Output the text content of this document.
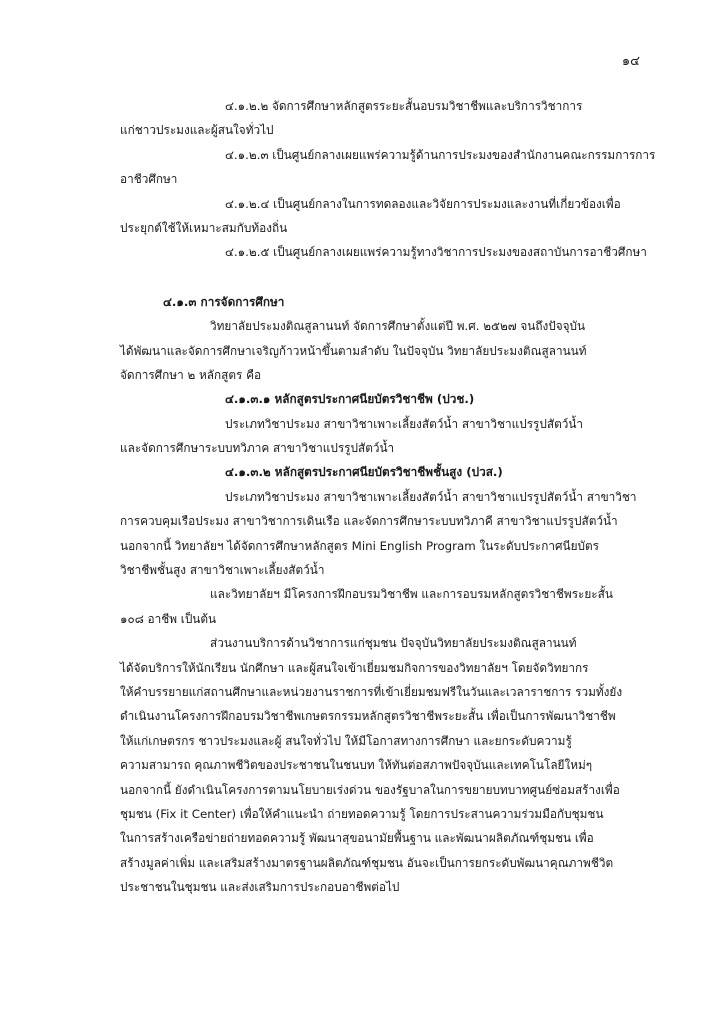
๑๔
๔.๑.๒.๒ จัดการศึกษาหลักสูตรระยะสั้นอบรมวิชาชีพและบริการวิชาการ
แก่ชาวประมงและผู้สนใจทั่วไป
๔.๑.๒.๓ เป็นศูนย์กลางเผยแพร่ความรู้ด้านการประมงของสำนักงานคณะกรรมการการ
อาชีวศึกษา
๔.๑.๒.๔ เป็นศูนย์กลางในการทดลองและวิจัยการประมงและงานที่เกี่ยวข้องเพื่อ
ประยุกต์ใช้ให้เหมาะสมกับท้องถิ่น
๔.๑.๒.๕ เป็นศูนย์กลางเผยแพร่ความรู้ทางวิชาการประมงของสถาบันการอาชีวศึกษา
๔.๑.๓ การจัดการศึกษา
วิทยาลัยประมงติณสูลานนท์ จัดการศึกษาตั้งแต่ปี พ.ศ. ๒๕๒๗ จนถึงปัจจุบัน
ได้พัฒนาและจัดการศึกษาเจริญก้าวหน้าขึ้นตามลำดับ ในปัจจุบัน วิทยาลัยประมงติณสูลานนท์
จัดการศึกษา ๒ หลักสูตร คือ
๔.๑.๓.๑ หลักสูตรประกาศนียบัตรวิชาชีพ (ปวช.)
ประเภทวิชาประมง สาขาวิชาเพาะเลี้ยงสัตว์น้ำ สาขาวิชาแปรรูปสัตว์น้ำ
และจัดการศึกษาระบบทวิภาค สาขาวิชาแปรรูปสัตว์น้ำ
๔.๑.๓.๒ หลักสูตรประกาศนียบัตรวิชาชีพชั้นสูง (ปวส.)
ประเภทวิชาประมง สาขาวิชาเพาะเลี้ยงสัตว์น้ำ สาขาวิชาแปรรูปสัตว์น้ำ สาขาวิชา
การควบคุมเรือประมง สาขาวิชาการเดินเรือ และจัดการศึกษาระบบทวิภาคี สาขาวิชาแปรรูปสัตว์น้ำ
นอกจากนี้ วิทยาลัยฯ ได้จัดการศึกษาหลักสูตร Mini English Program ในระดับประกาศนียบัตร
วิชาชีพชั้นสูง สาขาวิชาเพาะเลี้ยงสัตว์น้ำ
และวิทยาลัยฯ มีโครงการฝึกอบรมวิชาชีพ และการอบรมหลักสูตรวิชาชีพระยะสั้น
๑๐๘ อาชีพ เป็นต้น
ส่วนงานบริการด้านวิชาการแก่ชุมชน ปัจจุบันวิทยาลัยประมงติณสูลานนท์
ได้จัดบริการให้นักเรียน นักศึกษา และผู้สนใจเข้าเยี่ยมชมกิจการของวิทยาลัยฯ โดยจัดวิทยากร
ให้คำบรรยายแก่สถานศึกษาและหน่วยงานราชการที่เข้าเยี่ยมชมฟรีในวันและเวลาราชการ รวมทั้งยัง
ดำเนินงานโครงการฝึกอบรมวิชาชีพเกษตรกรรมหลักสูตรวิชาชีพระยะสั้น เพื่อเป็นการพัฒนาวิชาชีพ
ให้แก่เกษตรกร ชาวประมงและผู้ สนใจทั่วไป ให้มีโอกาสทางการศึกษา และยกระดับความรู้
ความสามารถ คุณภาพชีวิตของประชาชนในชนบท ให้ทันต่อสภาพปัจจุบันและเทคโนโลยีใหม่ๆ
นอกจากนี้ ยังดำเนินโครงการตามนโยบายเร่งด่วน ของรัฐบาลในการขยายบทบาทศูนย์ซ่อมสร้างเพื่อ
ชุมชน (Fix it Center) เพื่อให้คำแนะนำ ถ่ายทอดความรู้ โดยการประสานความร่วมมือกับชุมชน
ในการสร้างเครือข่ายถ่ายทอดความรู้ พัฒนาสุขอนามัยพื้นฐาน และพัฒนาผลิตภัณฑ์ชุมชน เพื่อ
สร้างมูลค่าเพิ่ม และเสริมสร้างมาตรฐานผลิตภัณฑ์ชุมชน อันจะเป็นการยกระดับพัฒนาคุณภาพชีวิต
ประชาชนในชุมชน และส่งเสริมการประกอบอาชีพต่อไป
